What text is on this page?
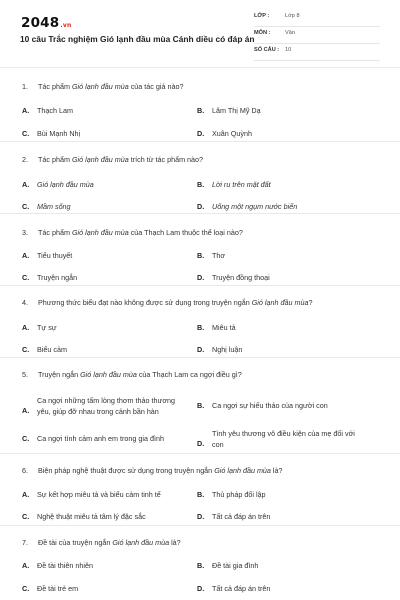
2048.vn
10 câu Trắc nghiệm Gió lạnh đầu mùa Cánh diều có đáp án
LỚP :	Lớp 8
MÔN :	Văn
SỐ CÂU : 10
1. Tác phẩm Gió lạnh đầu mùa của tác giả nào?
A. Thạch Lam	B. Lâm Thị Mỹ Dạ
C. Bùi Mạnh Nhị	D. Xuân Quỳnh
2. Tác phẩm Gió lạnh đầu mùa trích từ tác phẩm nào?
A. Gió lạnh đầu mùa	B. Lời ru trên mặt đất
C. Mầm sống	D. Uống một ngụm nước biển
3. Tác phẩm Gió lạnh đầu mùa của Thạch Lam thuộc thể loại nào?
A. Tiểu thuyết	B. Thơ
C. Truyện ngắn	D. Truyện đồng thoại
4. Phương thức biểu đạt nào không được sử dụng trong truyện ngắn Gió lạnh đầu mùa?
A. Tự sự	B. Miêu tả
C. Biểu cảm	D. Nghị luận
5. Truyện ngắn Gió lạnh đầu mùa của Thạch Lam ca ngợi điều gì?
A.
Ca ngợi những tấm lòng thơm thảo thương yêu, giúp đỡ nhau trong cảnh bần hàn
B. Ca ngợi sự hiếu thảo của người con
C. Ca ngợi tình cảm anh em trong gia đình
D.
Tình yêu thương vô điều kiện của mẹ đối với con
6. Biện pháp nghệ thuật được sử dụng trong truyện ngắn Gió lạnh đầu mùa là?
A. Sự kết hợp miêu tả và biểu cảm tinh tế	B. Thủ pháp đối lập
C. Nghệ thuật miêu tả tâm lý đặc sắc	D. Tất cả đáp án trên
7. Đề tài của truyện ngắn Gió lạnh đầu mùa là?
A. Đề tài thiên nhiên	B. Đề tài gia đình
C. Đề tài trẻ em	D. Tất cả đáp án trên
